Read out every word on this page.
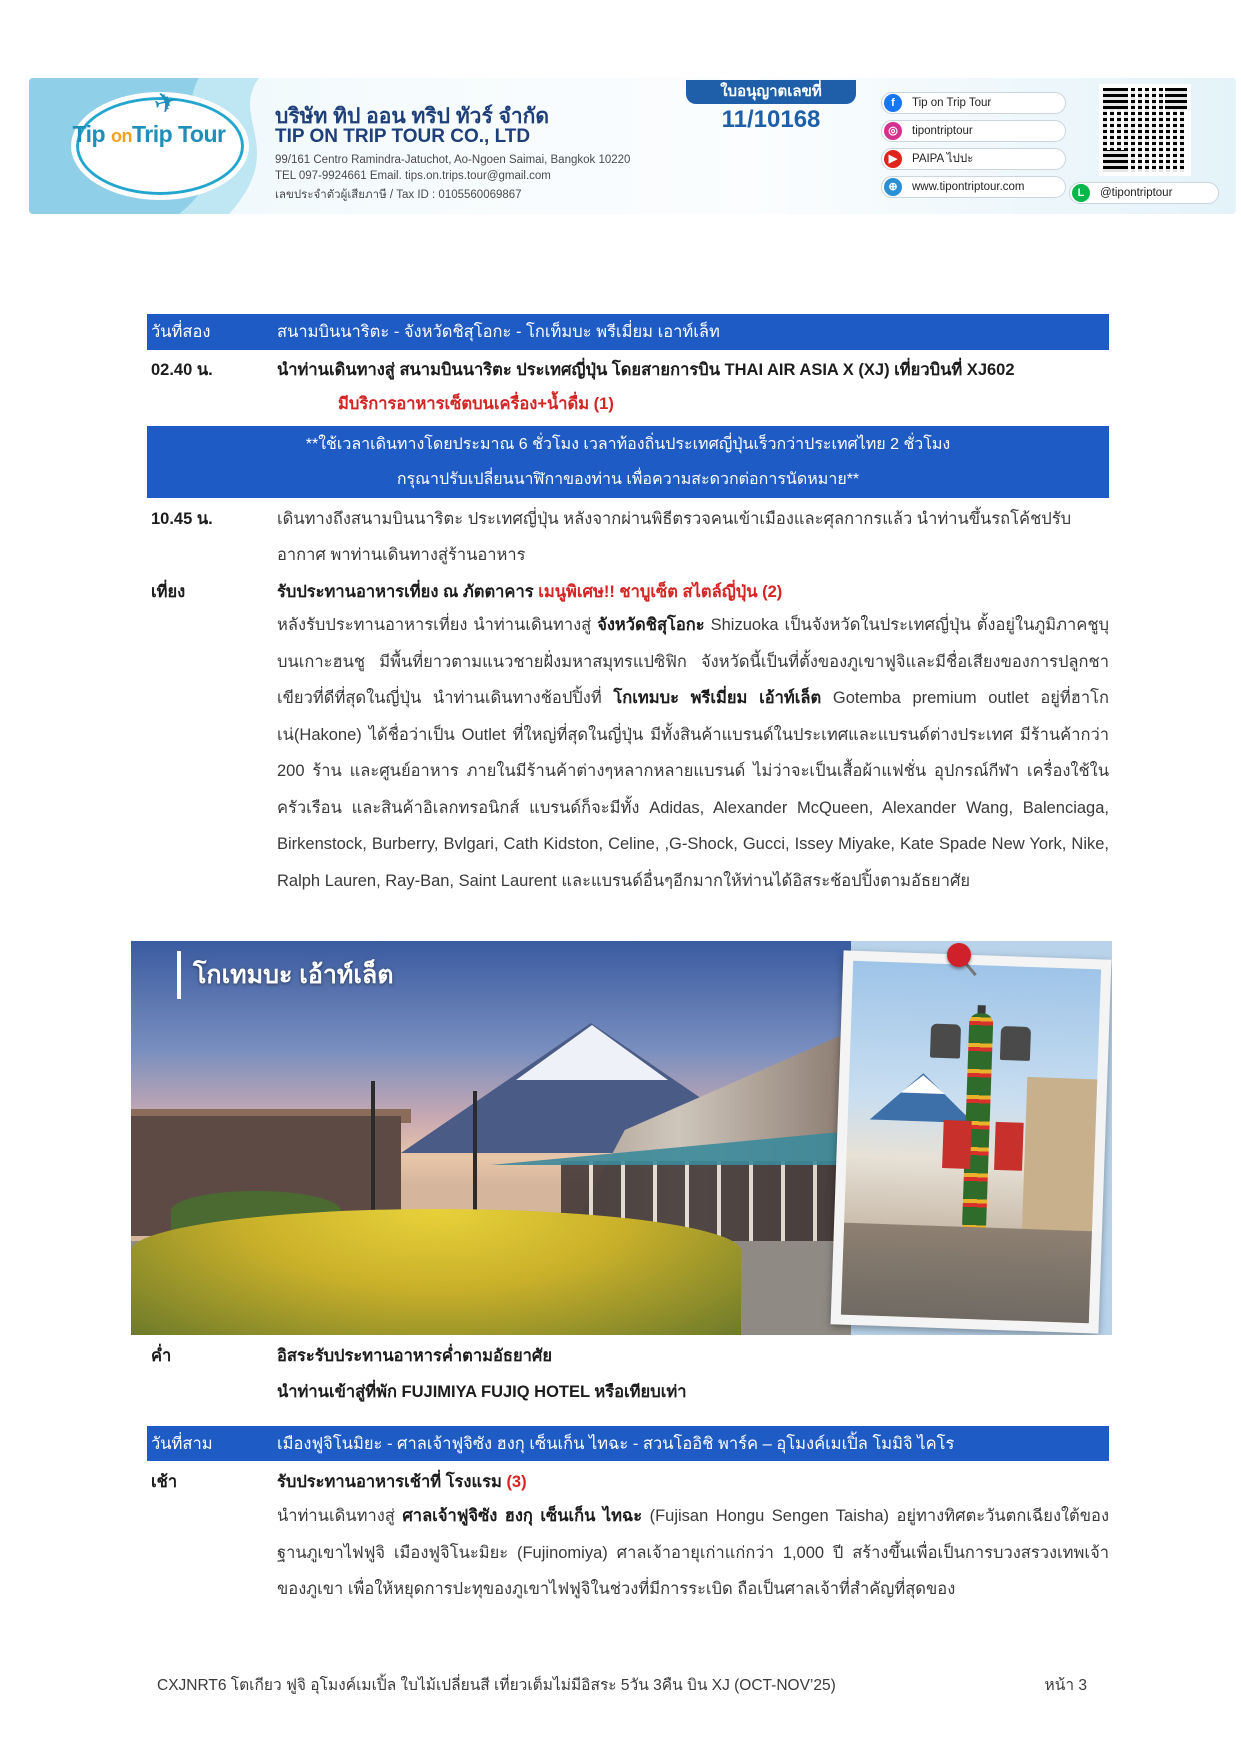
✈
Tip onTrip Tour
บริษัท ทิป ออน ทริป ทัวร์ จำกัด
TIP ON TRIP TOUR CO., LTD
99/161 Centro Ramindra-Jatuchot, Ao-Ngoen Saimai, Bangkok 10220
TEL 097-9924661 Email. tips.on.trips.tour@gmail.com
เลขประจำตัวผู้เสียภาษี / Tax ID : 0105560069867
ใบอนุญาตเลขที่
11/10168
f	Tip on Trip Tour
◎	tipontriptour
▶	PAIPA ไปปะ
⊕	www.tipontriptour.com	L	@tipontriptour
วันที่สอง	สนามบินนาริตะ - จังหวัดชิสุโอกะ - โกเท็มบะ พรีเมี่ยม เอาท์เล็ท
02.40 น.	นำท่านเดินทางสู่ สนามบินนาริตะ ประเทศญี่ปุ่น โดยสายการบิน THAI AIR ASIA X (XJ) เที่ยวบินที่ XJ602
มีบริการอาหารเซ็ตบนเครื่อง+น้ำดื่ม (1)
**ใช้เวลาเดินทางโดยประมาณ 6 ชั่วโมง เวลาท้องถิ่นประเทศญี่ปุ่นเร็วกว่าประเทศไทย 2 ชั่วโมง
กรุณาปรับเปลี่ยนนาฬิกาของท่าน เพื่อความสะดวกต่อการนัดหมาย**
10.45 น.	เดินทางถึงสนามบินนาริตะ ประเทศญี่ปุ่น หลังจากผ่านพิธีตรวจคนเข้าเมืองและศุลกากรแล้ว นำท่านขึ้นรถโค้ชปรับ
อากาศ พาท่านเดินทางสู่ร้านอาหาร
เที่ยง	รับประทานอาหารเที่ยง ณ ภัตตาคาร เมนูพิเศษ!! ชาบูเซ็ต สไตล์ญี่ปุ่น (2)
หลังรับประทานอาหารเที่ยง นำท่านเดินทางสู่ จังหวัดชิสุโอกะ Shizuoka เป็นจังหวัดในประเทศญี่ปุ่น ตั้งอยู่ในภูมิภาคชูบุ บนเกาะฮนชู มีพื้นที่ยาวตามแนวชายฝั่งมหาสมุทรแปซิฟิก จังหวัดนี้เป็นที่ตั้งของภูเขาฟูจิและมีชื่อเสียงของการปลูกชาเขียวที่ดีที่สุดในญี่ปุ่น นำท่านเดินทางช้อปปิ้งที่ โกเทมบะ พรีเมี่ยม เอ้าท์เล็ต Gotemba premium outlet อยู่ที่ฮาโกเน่(Hakone) ได้ชื่อว่าเป็น Outlet ที่ใหญ่ที่สุดในญี่ปุ่น มีทั้งสินค้าแบรนด์ในประเทศและแบรนด์ต่างประเทศ มีร้านค้ากว่า 200 ร้าน และศูนย์อาหาร ภายในมีร้านค้าต่างๆหลากหลายแบรนด์ ไม่ว่าจะเป็นเสื้อผ้าแฟชั่น อุปกรณ์กีฬา เครื่องใช้ในครัวเรือน และสินค้าอิเลกทรอนิกส์ แบรนด์ก็จะมีทั้ง Adidas, Alexander McQueen, Alexander Wang, Balenciaga, Birkenstock, Burberry, Bvlgari, Cath Kidston, Celine, ,G-Shock, Gucci, Issey Miyake, Kate Spade New York, Nike, Ralph Lauren, Ray-Ban, Saint Laurent และแบรนด์อื่นๆอีกมากให้ท่านได้อิสระช้อปปิ้งตามอัธยาศัย
โกเทมบะ เอ้าท์เล็ต
ค่ำ	อิสระรับประทานอาหารค่ำตามอัธยาศัย
นำท่านเข้าสู่ที่พัก FUJIMIYA FUJIQ HOTEL หรือเทียบเท่า
วันที่สาม	เมืองฟูจิโนมิยะ - ศาลเจ้าฟูจิซัง ฮงกุ เซ็นเก็น ไทฉะ - สวนโออิชิ พาร์ค – อุโมงค์เมเปิ้ล โมมิจิ ไคโร
เช้า	รับประทานอาหารเช้าที่ โรงแรม (3)
นำท่านเดินทางสู่ ศาลเจ้าฟูจิซัง ฮงกุ เซ็นเก็น ไทฉะ (Fujisan Hongu Sengen Taisha) อยู่ทางทิศตะวันตกเฉียงใต้ของฐานภูเขาไฟฟูจิ เมืองฟูจิโนะมิยะ (Fujinomiya) ศาลเจ้าอายุเก่าแก่กว่า 1,000 ปี สร้างขึ้นเพื่อเป็นการบวงสรวงเทพเจ้าของภูเขา เพื่อให้หยุดการปะทุของภูเขาไฟฟูจิในช่วงที่มีการระเบิด ถือเป็นศาลเจ้าที่สำคัญที่สุดของ
CXJNRT6 โตเกียว ฟูจิ อุโมงค์เมเปิ้ล ใบไม้เปลี่ยนสี เที่ยวเต็มไม่มีอิสระ 5วัน 3คืน บิน XJ (OCT-NOV’25)	หน้า 3
